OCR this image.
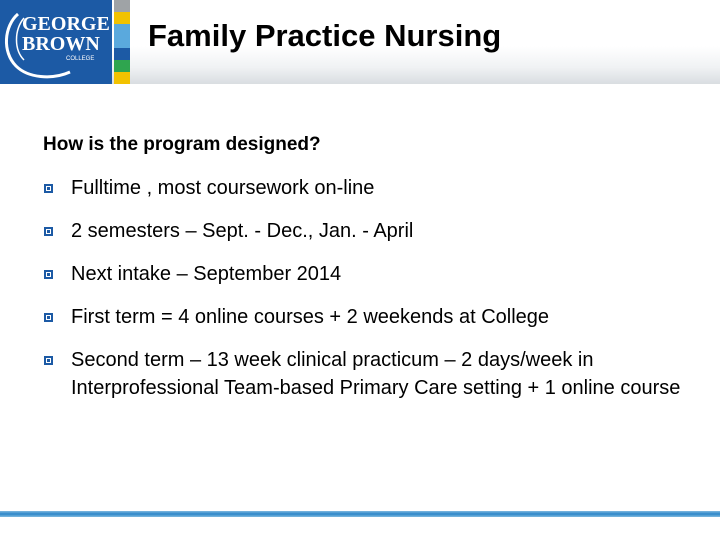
GEORGE
BROWN
COLLEGE
Family Practice Nursing

How is the program designed?

Fulltime , most coursework on-line
2 semesters – Sept. - Dec., Jan. - April
Next intake – September 2014
First term = 4 online courses + 2 weekends at College
Second term – 13 week clinical practicum – 2 days/week in Interprofessional Team-based Primary Care setting + 1 online course
